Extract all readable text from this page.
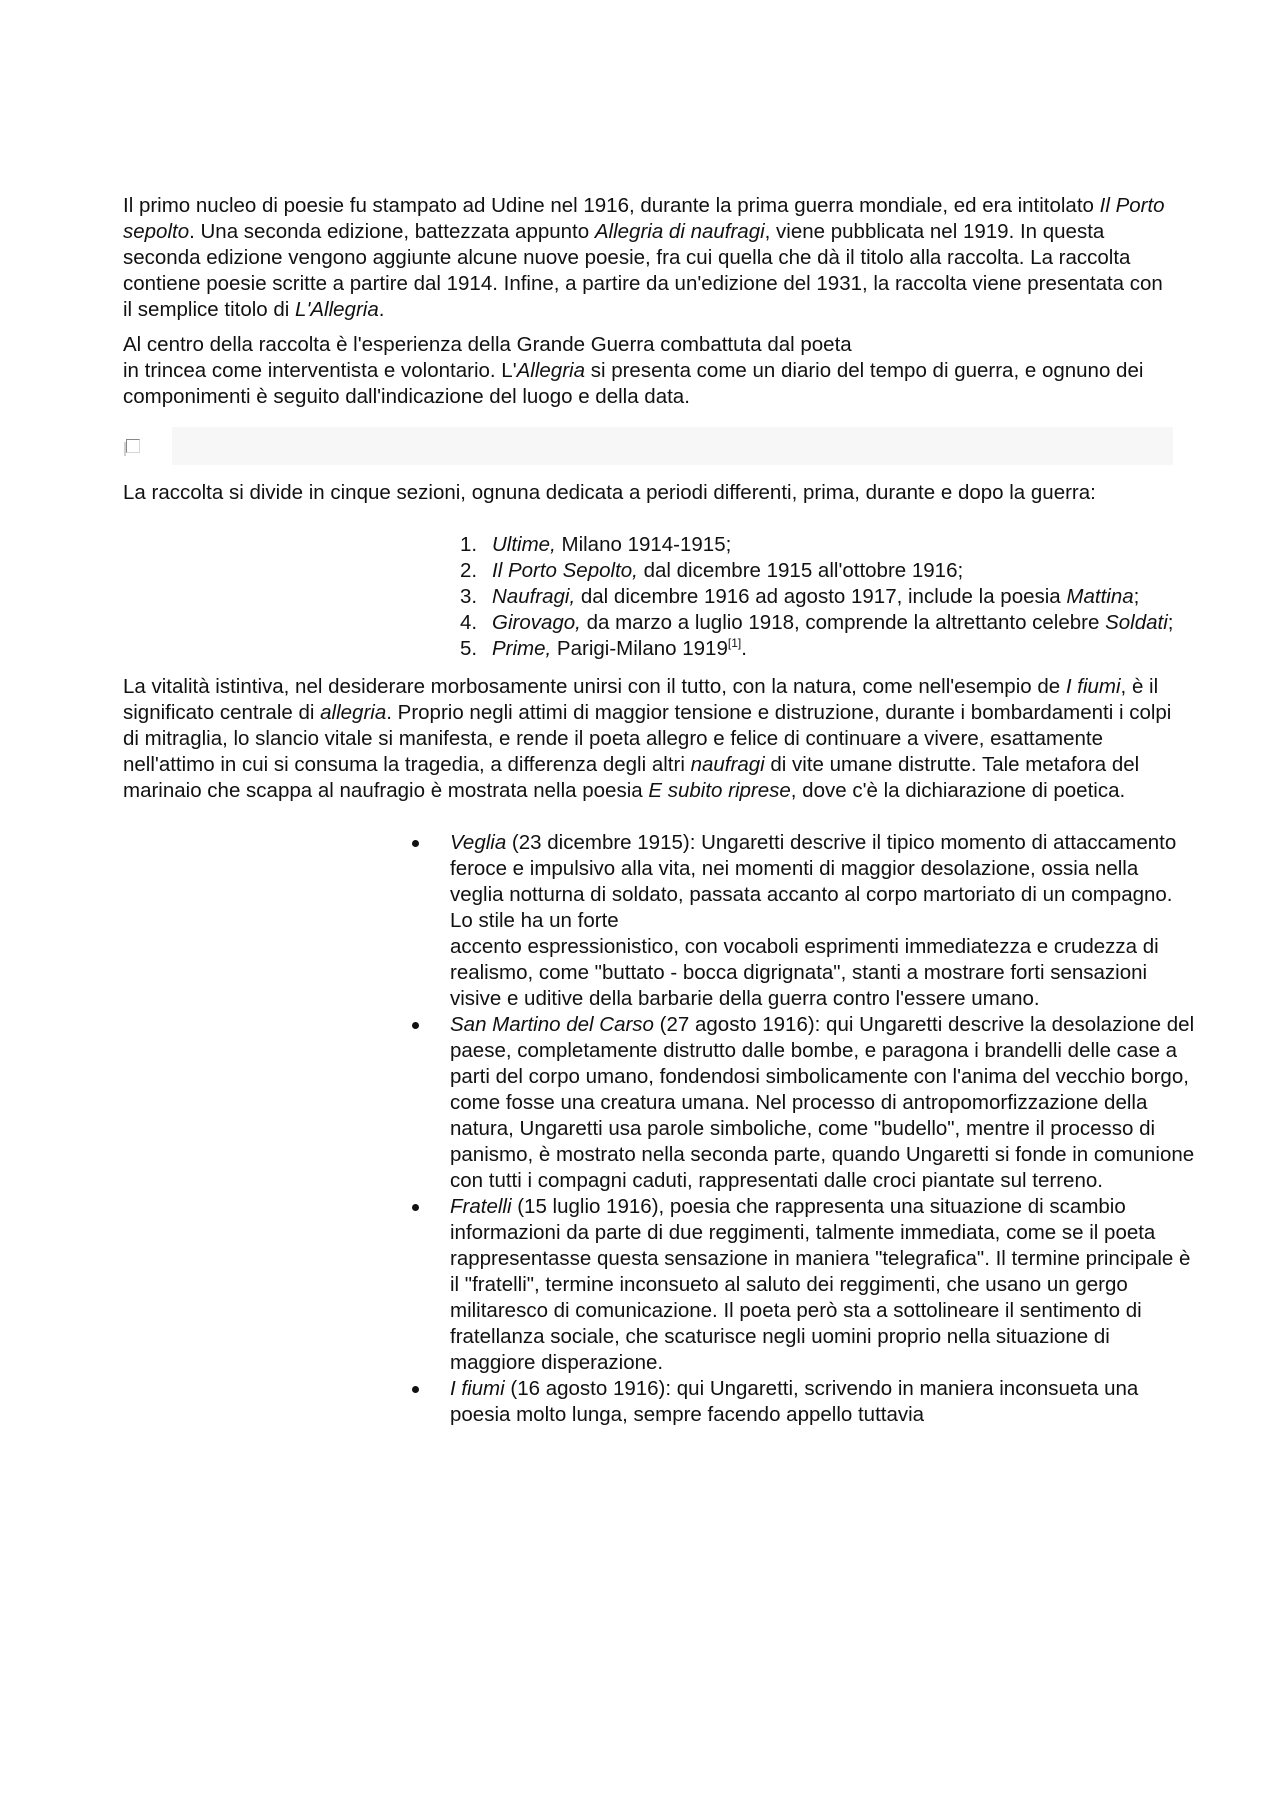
Il primo nucleo di poesie fu stampato ad Udine nel 1916, durante la prima guerra mondiale, ed era intitolato Il Porto sepolto. Una seconda edizione, battezzata appunto Allegria di naufragi, viene pubblicata nel 1919. In questa seconda edizione vengono aggiunte alcune nuove poesie, fra cui quella che dà il titolo alla raccolta. La raccolta contiene poesie scritte a partire dal 1914. Infine, a partire da un'edizione del 1931, la raccolta viene presentata con il semplice titolo di L'Allegria.

Al centro della raccolta è l'esperienza della Grande Guerra combattuta dal poeta
in trincea come interventista e volontario. L'Allegria si presenta come un diario del tempo di guerra, e ognuno dei componimenti è seguito dall'indicazione del luogo e della data.

La raccolta si divide in cinque sezioni, ognuna dedicata a periodi differenti, prima, durante e dopo la guerra:

1. Ultime, Milano 1914-1915;
2. Il Porto Sepolto, dal dicembre 1915 all'ottobre 1916;
3. Naufragi, dal dicembre 1916 ad agosto 1917, include la poesia Mattina;
4. Girovago, da marzo a luglio 1918, comprende la altrettanto celebre Soldati;
5. Prime, Parigi-Milano 1919[1].

La vitalità istintiva, nel desiderare morbosamente unirsi con il tutto, con la natura, come nell'esempio de I fiumi, è il significato centrale di allegria. Proprio negli attimi di maggior tensione e distruzione, durante i bombardamenti i colpi di mitraglia, lo slancio vitale si manifesta, e rende il poeta allegro e felice di continuare a vivere, esattamente nell'attimo in cui si consuma la tragedia, a differenza degli altri naufragi di vite umane distrutte. Tale metafora del marinaio che scappa al naufragio è mostrata nella poesia E subito riprese, dove c'è la dichiarazione di poetica.

Veglia (23 dicembre 1915): Ungaretti descrive il tipico momento di attaccamento feroce e impulsivo alla vita, nei momenti di maggior desolazione, ossia nella veglia notturna di soldato, passata accanto al corpo martoriato di un compagno. Lo stile ha un forte
accento espressionistico, con vocaboli esprimenti immediatezza e crudezza di realismo, come "buttato - bocca digrignata", stanti a mostrare forti sensazioni visive e uditive della barbarie della guerra contro l'essere umano.
San Martino del Carso (27 agosto 1916): qui Ungaretti descrive la desolazione del paese, completamente distrutto dalle bombe, e paragona i brandelli delle case a parti del corpo umano, fondendosi simbolicamente con l'anima del vecchio borgo, come fosse una creatura umana. Nel processo di antropomorfizzazione della natura, Ungaretti usa parole simboliche, come "budello", mentre il processo di panismo, è mostrato nella seconda parte, quando Ungaretti si fonde in comunione con tutti i compagni caduti, rappresentati dalle croci piantate sul terreno.
Fratelli (15 luglio 1916), poesia che rappresenta una situazione di scambio informazioni da parte di due reggimenti, talmente immediata, come se il poeta rappresentasse questa sensazione in maniera "telegrafica". Il termine principale è il "fratelli", termine inconsueto al saluto dei reggimenti, che usano un gergo militaresco di comunicazione. Il poeta però sta a sottolineare il sentimento di fratellanza sociale, che scaturisce negli uomini proprio nella situazione di maggiore disperazione.
I fiumi (16 agosto 1916): qui Ungaretti, scrivendo in maniera inconsueta una poesia molto lunga, sempre facendo appello tuttavia
